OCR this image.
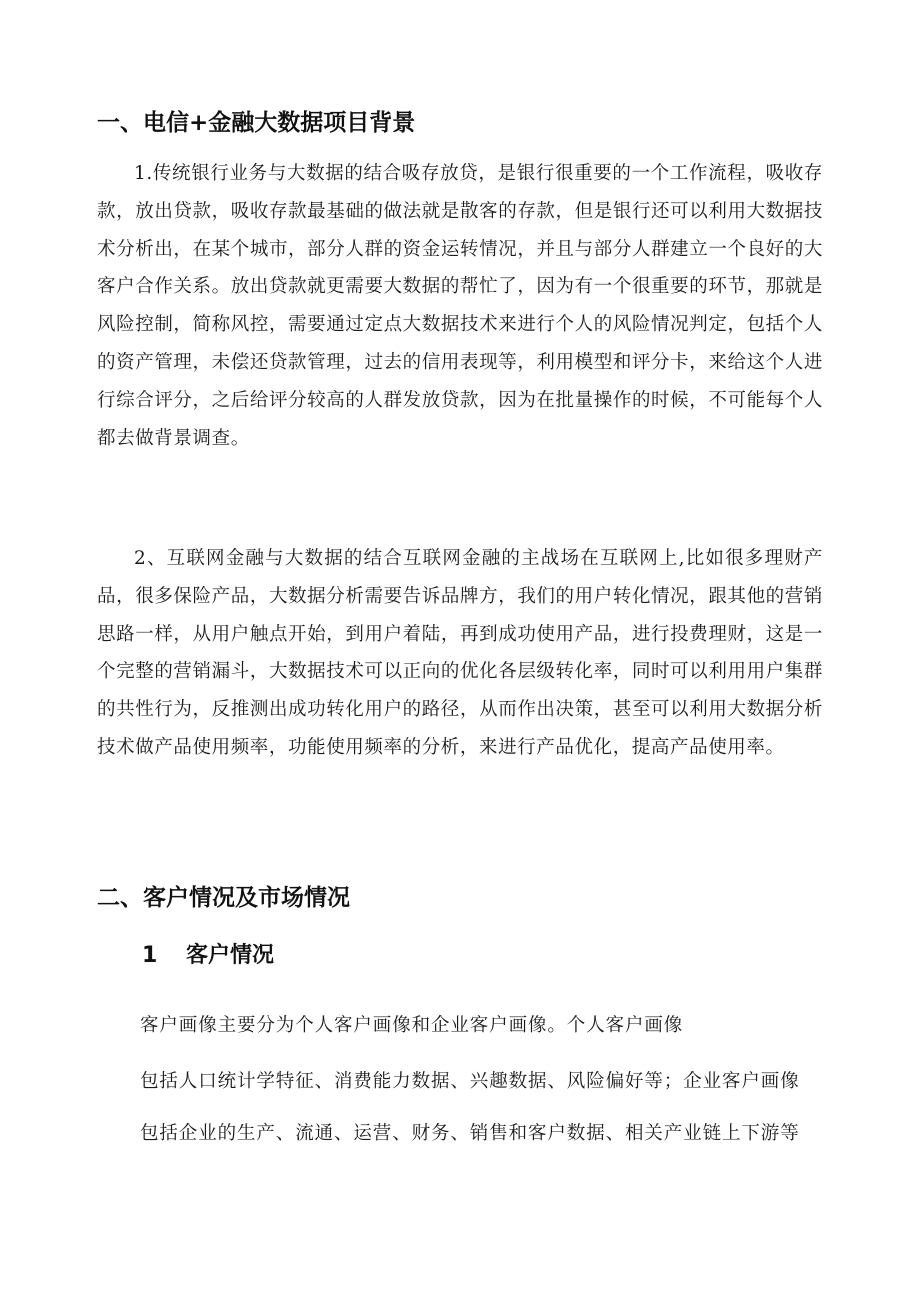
一、电信+金融大数据项目背景

1.传统银行业务与大数据的结合吸存放贷，是银行很重要的一个工作流程，吸收存款，放出贷款，吸收存款最基础的做法就是散客的存款，但是银行还可以利用大数据技术分析出，在某个城市，部分人群的资金运转情况，并且与部分人群建立一个良好的大客户合作关系。放出贷款就更需要大数据的帮忙了，因为有一个很重要的环节，那就是风险控制，简称风控，需要通过定点大数据技术来进行个人的风险情况判定，包括个人的资产管理，未偿还贷款管理，过去的信用表现等，利用模型和评分卡，来给这个人进行综合评分，之后给评分较高的人群发放贷款，因为在批量操作的时候，不可能每个人都去做背景调查。

2、互联网金融与大数据的结合互联网金融的主战场在互联网上,比如很多理财产品，很多保险产品，大数据分析需要告诉品牌方，我们的用户转化情况，跟其他的营销思路一样，从用户触点开始，到用户着陆，再到成功使用产品，进行投费理财，这是一个完整的营销漏斗，大数据技术可以正向的优化各层级转化率，同时可以利用用户集群的共性行为，反推测出成功转化用户的路径，从而作出决策，甚至可以利用大数据分析技术做产品使用频率，功能使用频率的分析，来进行产品优化，提高产品使用率。

二、客户情况及市场情况
1 客户情况

客户画像主要分为个人客户画像和企业客户画像。个人客户画像

包括人口统计学特征、消费能力数据、兴趣数据、风险偏好等；企业客户画像

包括企业的生产、流通、运营、财务、销售和客户数据、相关产业链上下游等
